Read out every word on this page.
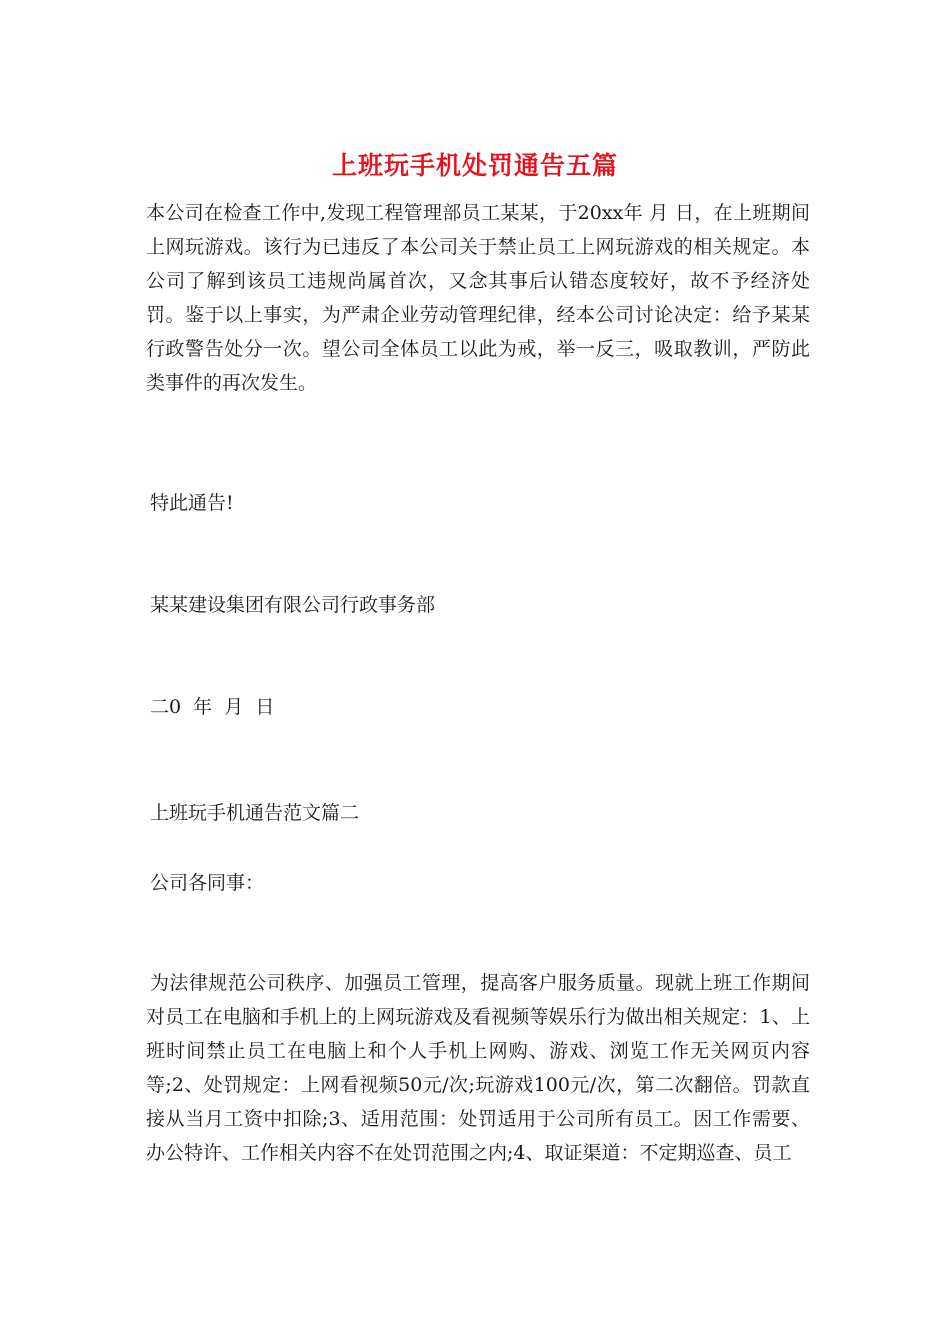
上班玩手机处罚通告五篇
本公司在检查工作中,发现工程管理部员工某某，于20xx年 月 日，在上班期间上网玩游戏。该行为已违反了本公司关于禁止员工上网玩游戏的相关规定。本公司了解到该员工违规尚属首次，又念其事后认错态度较好，故不予经济处罚。鉴于以上事实，为严肃企业劳动管理纪律，经本公司讨论决定：给予某某行政警告处分一次。望公司全体员工以此为戒，举一反三，吸取教训，严防此类事件的再次发生。
特此通告!
某某建设集团有限公司行政事务部
二0  年  月  日
上班玩手机通告范文篇二
公司各同事：
为法律规范公司秩序、加强员工管理，提高客户服务质量。现就上班工作期间对员工在电脑和手机上的上网玩游戏及看视频等娱乐行为做出相关规定：1、上班时间禁止员工在电脑上和个人手机上网购、游戏、浏览工作无关网页内容等;2、处罚规定：上网看视频50元/次;玩游戏100元/次，第二次翻倍。罚款直接从当月工资中扣除;3、适用范围：处罚适用于公司所有员工。因工作需要、办公特许、工作相关内容不在处罚范围之内;4、取证渠道：不定期巡查、员工
